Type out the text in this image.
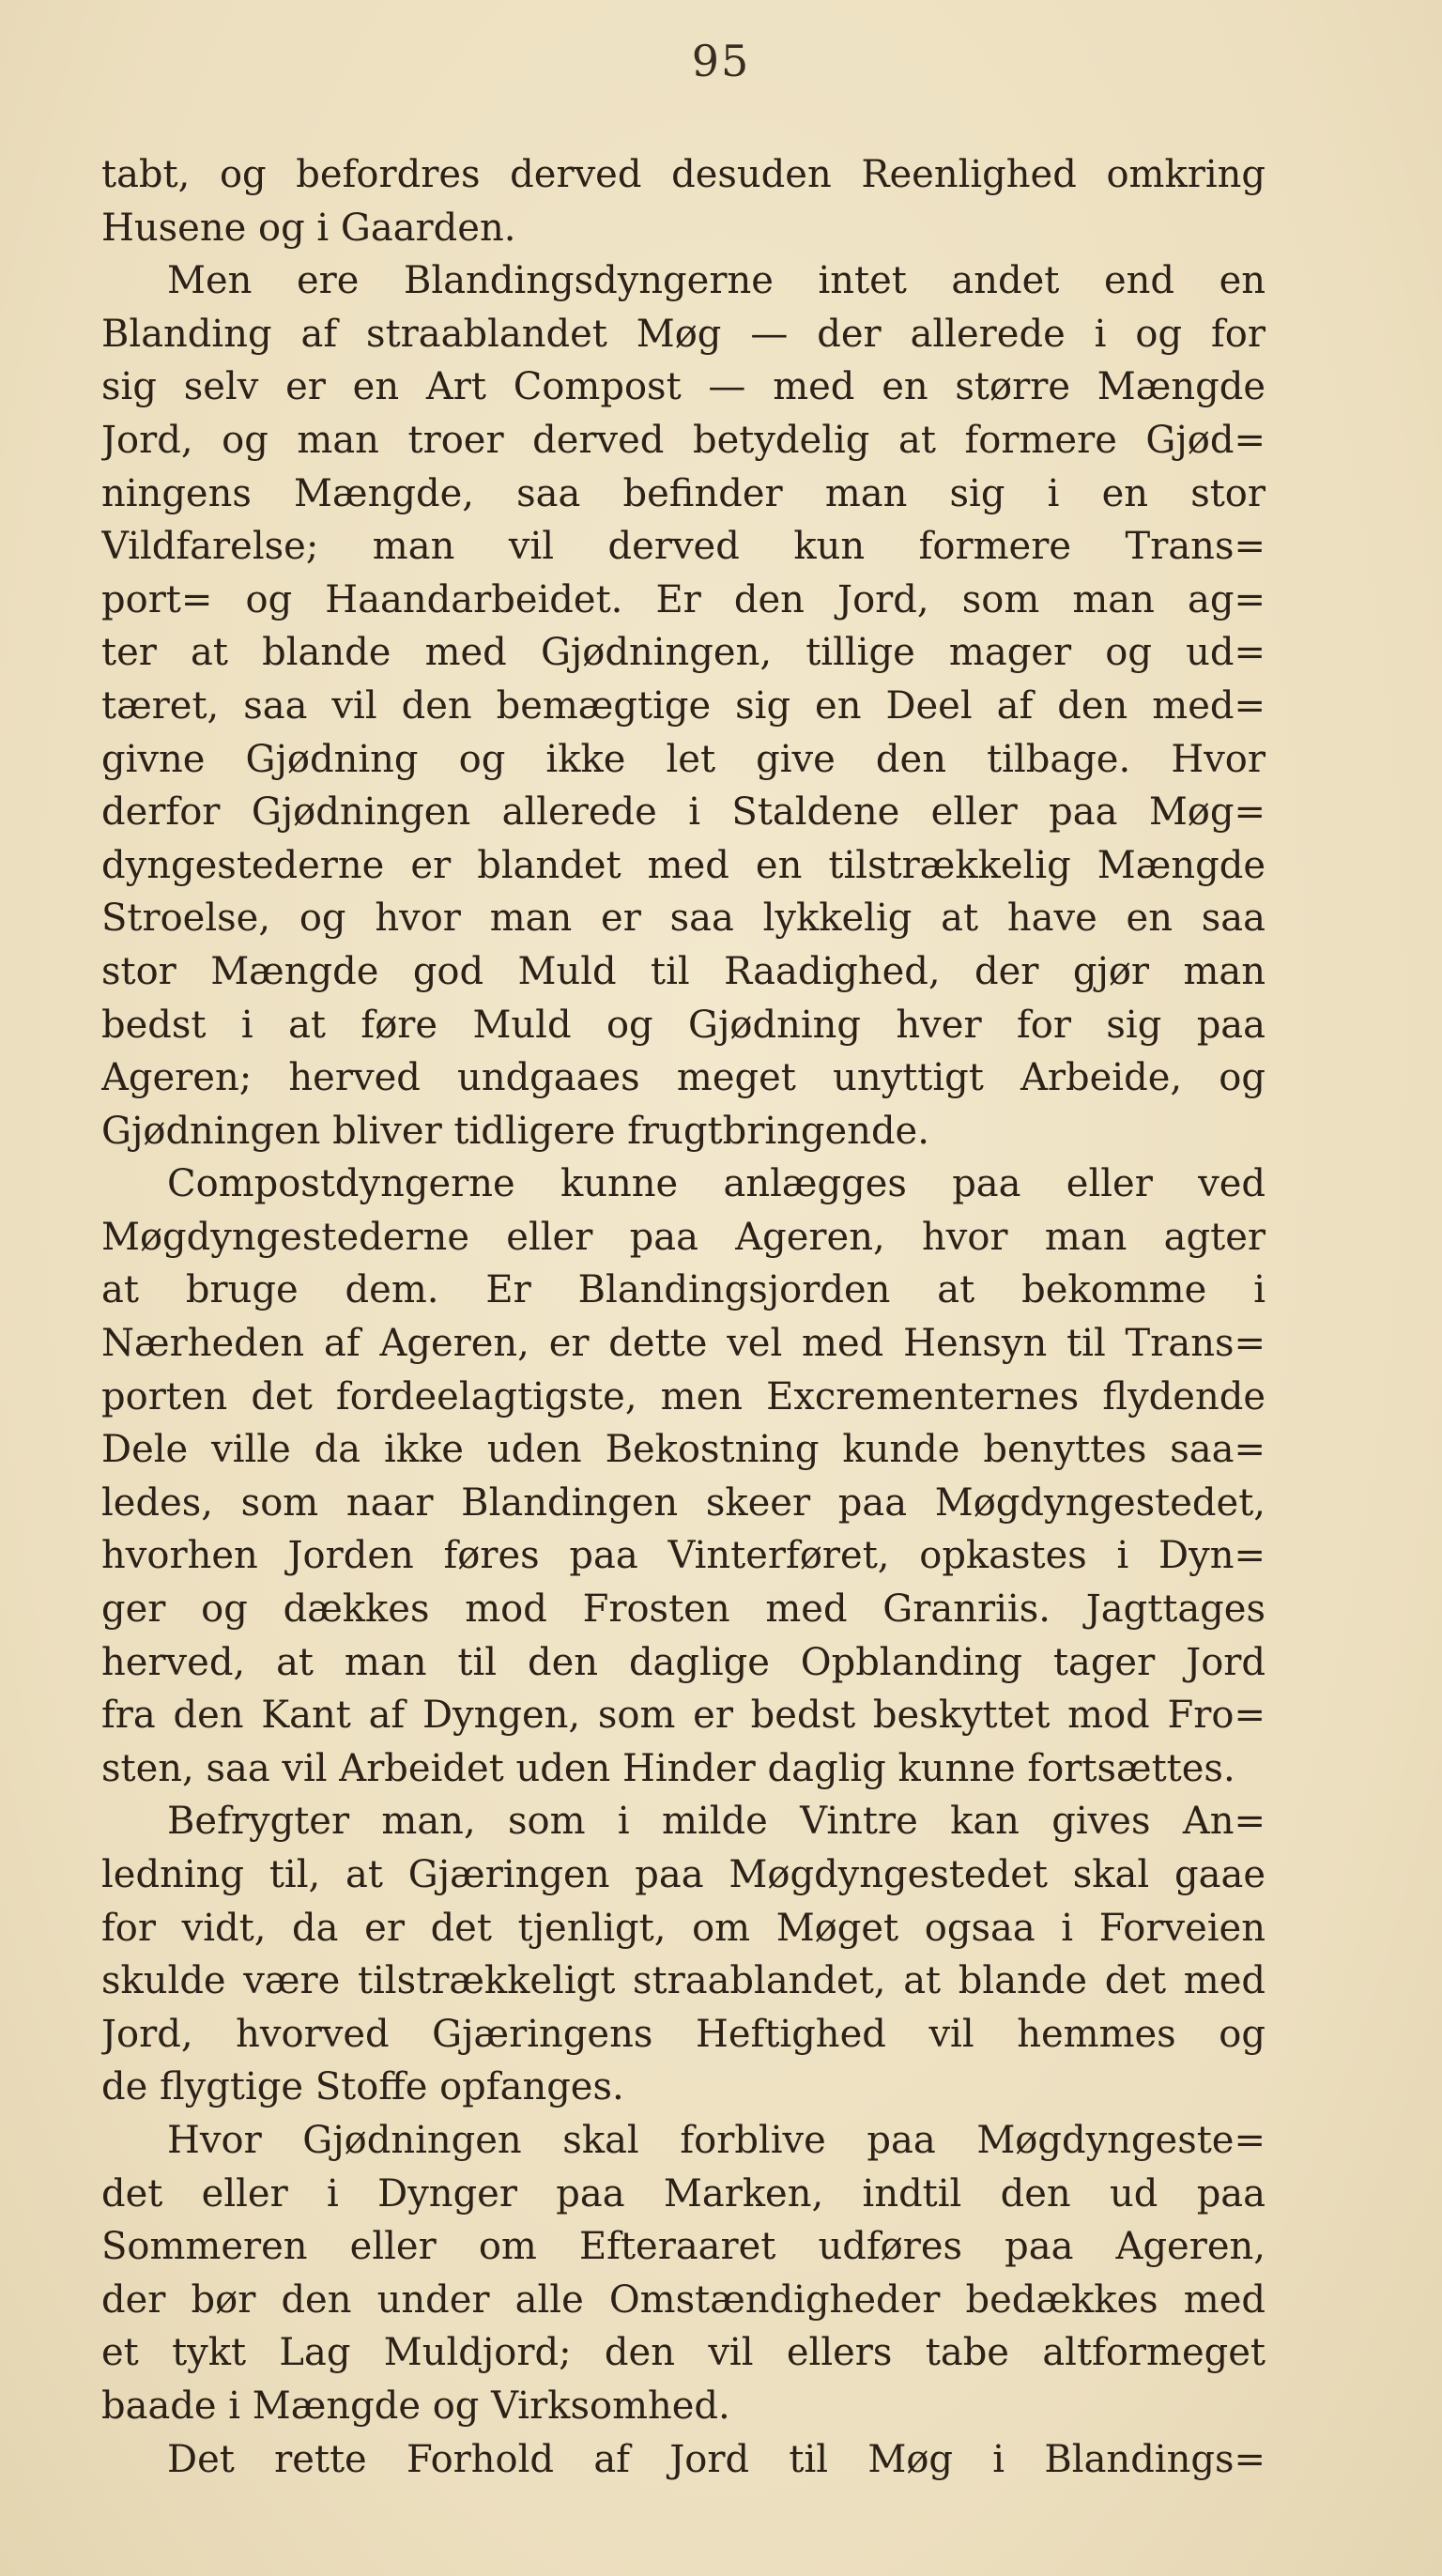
95
tabt, og befordres derved desuden Reenlighed omkring
Husene og i Gaarden.
Men ere Blandingsdyngerne intet andet end en
Blanding af straablandet Møg — der allerede i og for
sig selv er en Art Compost — med en større Mængde
Jord, og man troer derved betydelig at formere Gjød=
ningens Mængde, saa befinder man sig i en stor
Vildfarelse; man vil derved kun formere Trans=
port= og Haandarbeidet. Er den Jord, som man ag=
ter at blande med Gjødningen, tillige mager og ud=
tæret, saa vil den bemægtige sig en Deel af den med=
givne Gjødning og ikke let give den tilbage. Hvor
derfor Gjødningen allerede i Staldene eller paa Møg=
dyngestederne er blandet med en tilstrækkelig Mængde
Stroelse, og hvor man er saa lykkelig at have en saa
stor Mængde god Muld til Raadighed, der gjør man
bedst i at føre Muld og Gjødning hver for sig paa
Ageren; herved undgaaes meget unyttigt Arbeide, og
Gjødningen bliver tidligere frugtbringende.
Compostdyngerne kunne anlægges paa eller ved
Møgdyngestederne eller paa Ageren, hvor man agter
at bruge dem. Er Blandingsjorden at bekomme i
Nærheden af Ageren, er dette vel med Hensyn til Trans=
porten det fordeelagtigste, men Excrementernes flydende
Dele ville da ikke uden Bekostning kunde benyttes saa=
ledes, som naar Blandingen skeer paa Møgdyngestedet,
hvorhen Jorden føres paa Vinterføret, opkastes i Dyn=
ger og dækkes mod Frosten med Granriis. Jagttages
herved, at man til den daglige Opblanding tager Jord
fra den Kant af Dyngen, som er bedst beskyttet mod Fro=
sten, saa vil Arbeidet uden Hinder daglig kunne fortsættes.
Befrygter man, som i milde Vintre kan gives An=
ledning til, at Gjæringen paa Møgdyngestedet skal gaae
for vidt, da er det tjenligt, om Møget ogsaa i Forveien
skulde være tilstrækkeligt straablandet, at blande det med
Jord, hvorved Gjæringens Heftighed vil hemmes og
de flygtige Stoffe opfanges.
Hvor Gjødningen skal forblive paa Møgdyngeste=
det eller i Dynger paa Marken, indtil den ud paa
Sommeren eller om Efteraaret udføres paa Ageren,
der bør den under alle Omstændigheder bedækkes med
et tykt Lag Muldjord; den vil ellers tabe altformeget
baade i Mængde og Virksomhed.
Det rette Forhold af Jord til Møg i Blandings=
